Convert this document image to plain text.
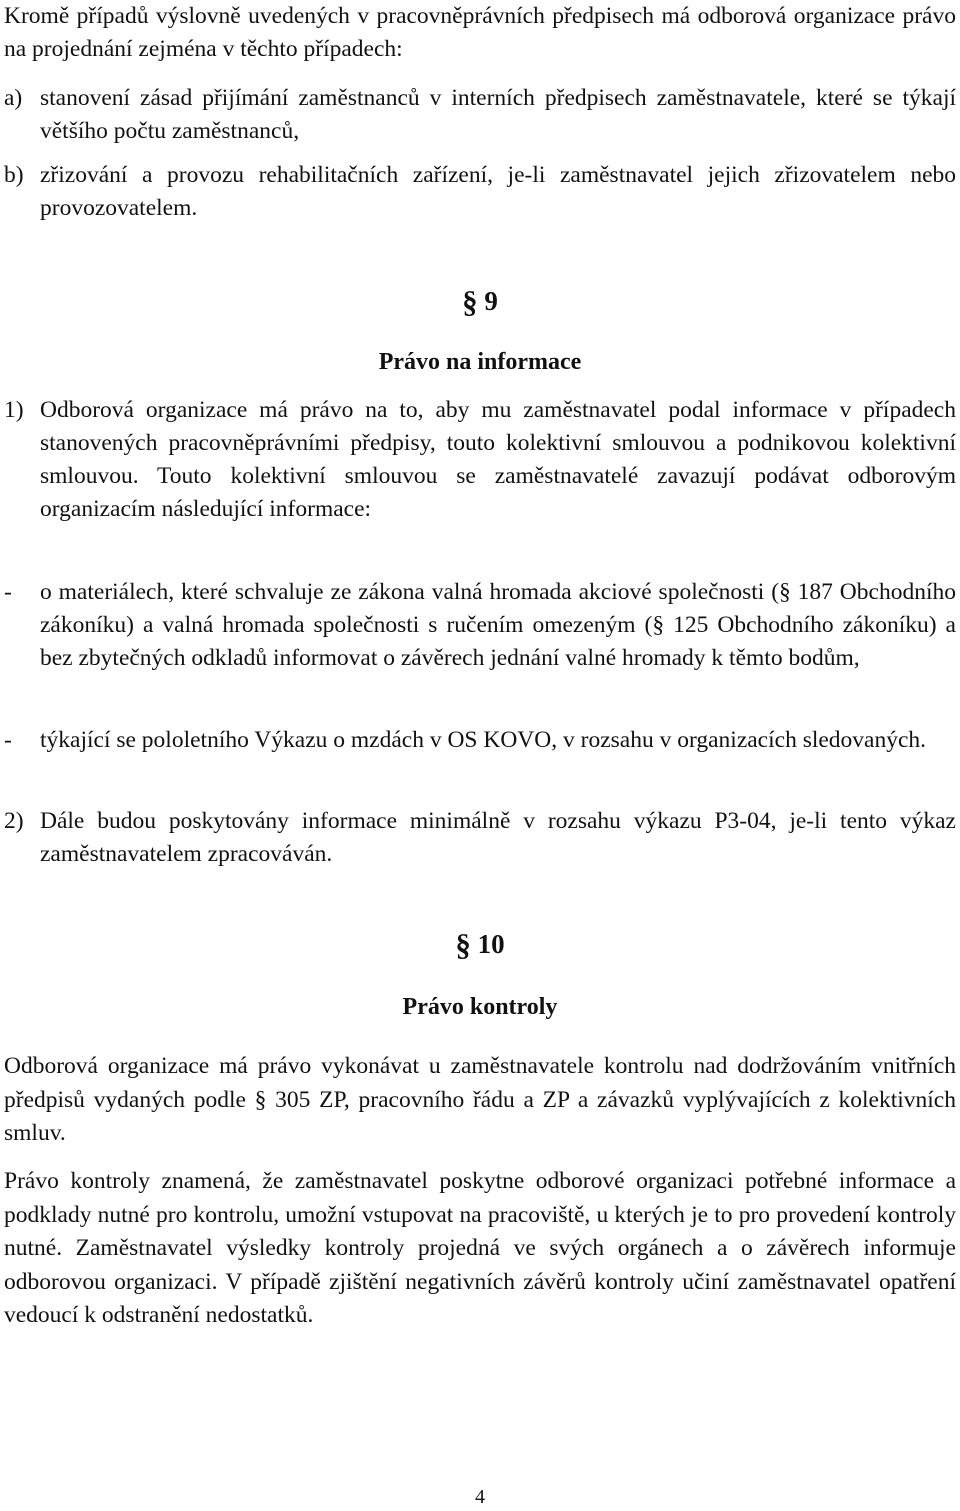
Kromě případů výslovně uvedených v pracovněprávních předpisech má odborová organizace právo na projednání zejména v těchto případech:

a) stanovení zásad přijímání zaměstnanců v interních předpisech zaměstnavatele, které se týkají většího počtu zaměstnanců,
b) zřizování a provozu rehabilitačních zařízení, je-li zaměstnavatel jejich zřizovatelem nebo provozovatelem.
§ 9
Právo na informace
1) Odborová organizace má právo na to, aby mu zaměstnavatel podal informace v případech stanovených pracovněprávními předpisy, touto kolektivní smlouvou a podnikovou kolektivní smlouvou. Touto kolektivní smlouvou se zaměstnavatelé zavazují podávat odborovým organizacím následující informace:
- o materiálech, které schvaluje ze zákona valná hromada akciové společnosti (§ 187 Obchodního zákoníku) a valná hromada společnosti s ručením omezeným (§ 125 Obchodního zákoníku) a bez zbytečných odkladů informovat o závěrech jednání valné hromady k těmto bodům,
- týkající se pololetního Výkazu o mzdách v OS KOVO, v rozsahu v organizacích sledovaných.
2) Dále budou poskytovány informace minimálně v rozsahu výkazu P3-04, je-li tento výkaz zaměstnavatelem zpracováván.
§ 10
Právo kontroly

Odborová organizace má právo vykonávat u zaměstnavatele kontrolu nad dodržováním vnitřních předpisů vydaných podle § 305 ZP, pracovního řádu a ZP a závazků vyplývajících z kolektivních smluv.

Právo kontroly znamená, že zaměstnavatel poskytne odborové organizaci potřebné informace a podklady nutné pro kontrolu, umožní vstupovat na pracoviště, u kterých je to pro provedení kontroly nutné. Zaměstnavatel výsledky kontroly projedná ve svých orgánech a o závěrech informuje odborovou organizaci. V případě zjištění negativních závěrů kontroly učiní zaměstnavatel opatření vedoucí k odstranění nedostatků.

4
